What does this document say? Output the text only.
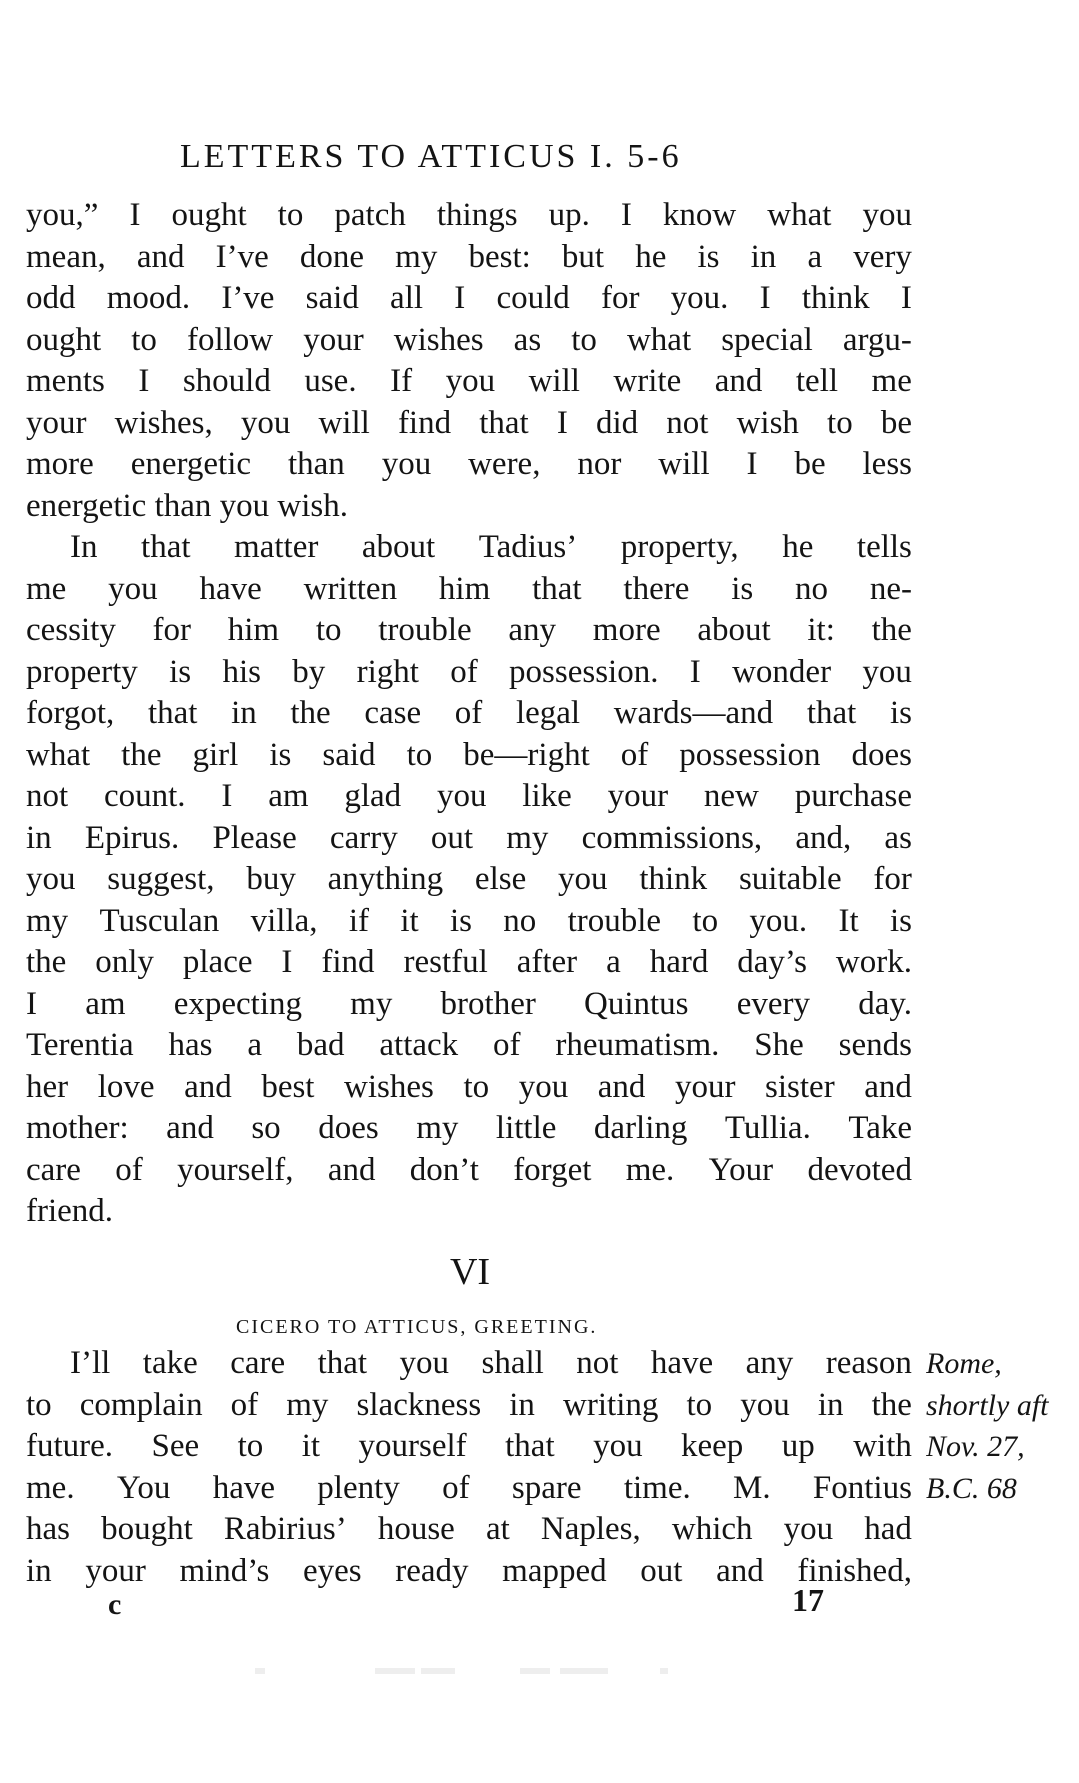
LETTERS TO ATTICUS I. 5-6
you,” I ought to patch things up. I know what you
mean, and I’ve done my best: but he is in a very
odd mood. I’ve said all I could for you. I think I
ought to follow your wishes as to what special argu-
ments I should use. If you will write and tell me
your wishes, you will find that I did not wish to be
more energetic than you were, nor will I be less
energetic than you wish.
In that matter about Tadius’ property, he tells
me you have written him that there is no ne-
cessity for him to trouble any more about it: the
property is his by right of possession. I wonder you
forgot, that in the case of legal wards—and that is
what the girl is said to be—right of possession does
not count. I am glad you like your new purchase
in Epirus. Please carry out my commissions, and, as
you suggest, buy anything else you think suitable for
my Tusculan villa, if it is no trouble to you. It is
the only place I find restful after a hard day’s work.
I am expecting my brother Quintus every day.
Terentia has a bad attack of rheumatism. She sends
her love and best wishes to you and your sister and
mother: and so does my little darling Tullia. Take
care of yourself, and don’t forget me. Your devoted
friend.
VI
CICERO TO ATTICUS, GREETING.
I’ll take care that you shall not have any reason
to complain of my slackness in writing to you in the
future. See to it yourself that you keep up with
me. You have plenty of spare time. M. Fontius
has bought Rabirius’ house at Naples, which you had
in your mind’s eyes ready mapped out and finished,
Rome,
shortly aft
Nov. 27,
B.C. 68
c	17
